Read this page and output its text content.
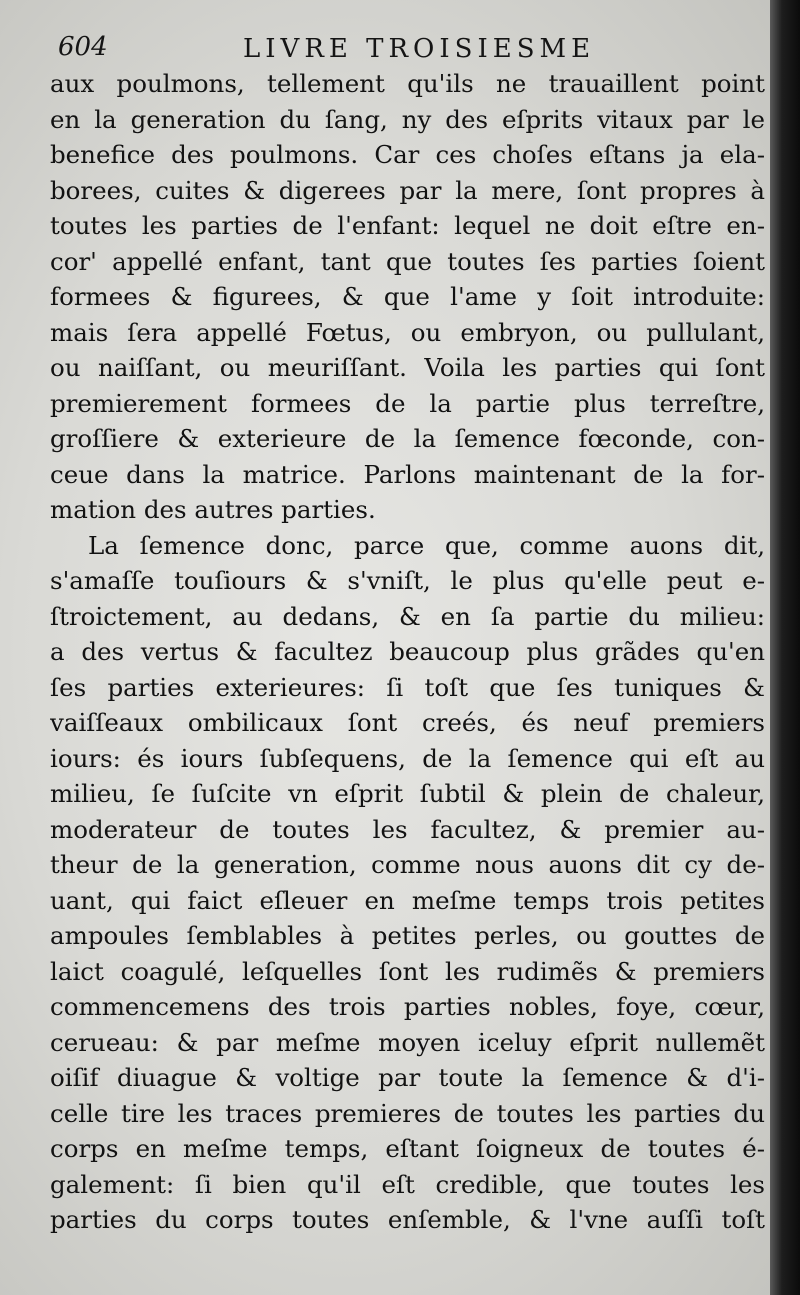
604	LIVRE TROISIESME
aux poulmons, tellement qu'ils ne trauaillent point
en la generation du ſang, ny des eſprits vitaux par le
benefice des poulmons. Car ces choſes eſtans ja ela-
borees, cuites & digerees par la mere, ſont propres à
toutes les parties de l'enfant: lequel ne doit eſtre en-
cor' appellé enfant, tant que toutes ſes parties ſoient
formees & figurees, & que l'ame y ſoit introduite:
mais ſera appellé Fœtus, ou embryon, ou pullulant,
ou naiſſant, ou meuriſſant. Voila les parties qui ſont
premierement formees de la partie plus terreſtre,
groſſiere & exterieure de la ſemence fœconde, con-
ceue dans la matrice. Parlons maintenant de la for-
mation des autres parties.
La ſemence donc, parce que, comme auons dit,
s'amaſſe touſiours & s'vniſt, le plus qu'elle peut e-
ſtroictement, au dedans, & en ſa partie du milieu:
a des vertus & facultez beaucoup plus grãdes qu'en
ſes parties exterieures: ſi toſt que ſes tuniques &
vaiſſeaux ombilicaux ſont creés, és neuf premiers
iours: és iours ſubſequens, de la ſemence qui eſt au
milieu, ſe ſuſcite vn eſprit ſubtil & plein de chaleur,
moderateur de toutes les facultez, & premier au-
theur de la generation, comme nous auons dit cy de-
uant, qui faict eſleuer en meſme temps trois petites
ampoules ſemblables à petites perles, ou gouttes de
laict coagulé, leſquelles ſont les rudimẽs & premiers
commencemens des trois parties nobles, foye, cœur,
cerueau: & par meſme moyen iceluy eſprit nullemẽt
oiſif diuague & voltige par toute la ſemence & d'i-
celle tire les traces premieres de toutes les parties du
corps en meſme temps, eſtant ſoigneux de toutes é-
galement: ſi bien qu'il eſt credible, que toutes les
parties du corps toutes enſemble, & l'vne auſſi toſt
